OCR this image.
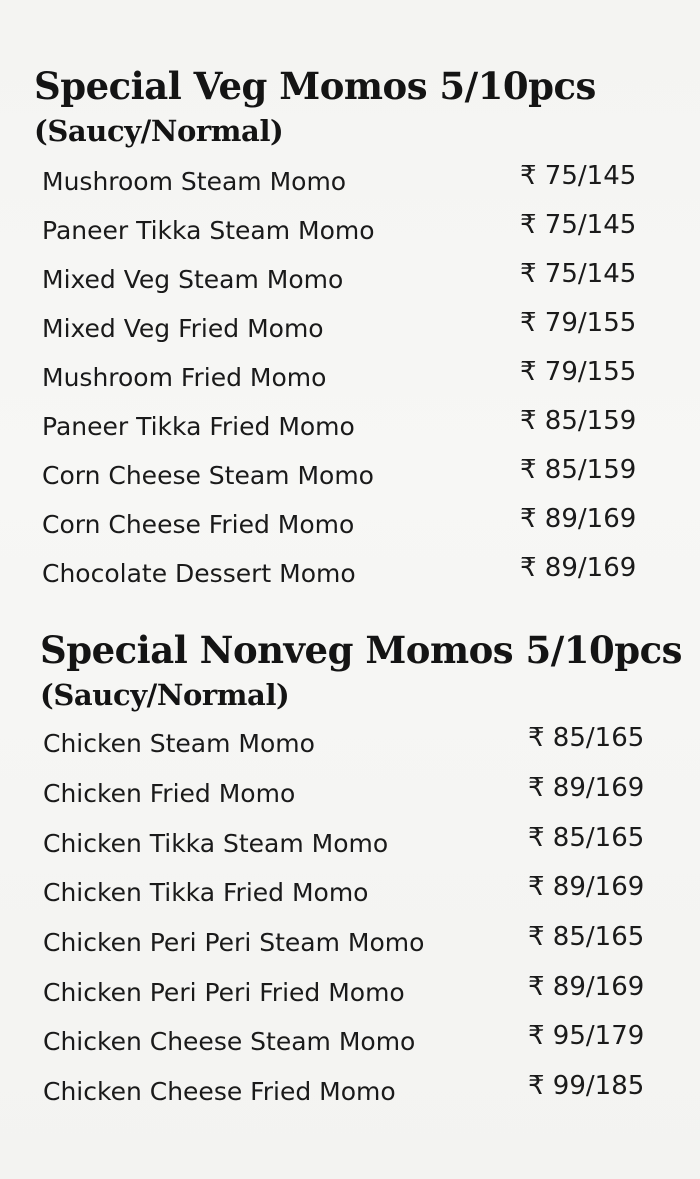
Special Veg Momos 5/10pcs
(Saucy/Normal)
Mushroom Steam Momo	₹ 75/145
Paneer Tikka Steam Momo	₹ 75/145
Mixed Veg Steam Momo	₹ 75/145
Mixed Veg Fried Momo	₹ 79/155
Mushroom Fried Momo	₹ 79/155
Paneer Tikka Fried Momo	₹ 85/159
Corn Cheese Steam Momo	₹ 85/159
Corn Cheese Fried Momo	₹ 89/169
Chocolate Dessert Momo	₹ 89/169
Special Nonveg Momos 5/10pcs
(Saucy/Normal)
Chicken Steam Momo	₹ 85/165
Chicken Fried Momo	₹ 89/169
Chicken Tikka Steam Momo	₹ 85/165
Chicken Tikka Fried Momo	₹ 89/169
Chicken Peri Peri Steam Momo	₹ 85/165
Chicken Peri Peri Fried Momo	₹ 89/169
Chicken Cheese Steam Momo	₹ 95/179
Chicken Cheese Fried Momo	₹ 99/185
